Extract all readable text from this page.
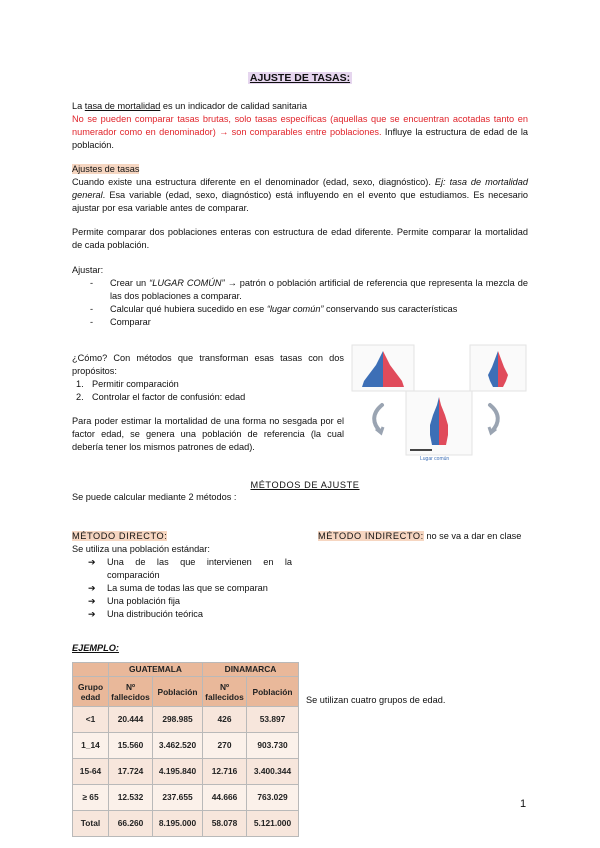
AJUSTE DE TASAS:
La tasa de mortalidad es un indicador de calidad sanitaria
No se pueden comparar tasas brutas, solo tasas específicas (aquellas que se encuentran acotadas tanto en numerador como en denominador) → son comparables entre poblaciones. Influye la estructura de edad de la población.
Ajustes de tasas
Cuando existe una estructura diferente en el denominador (edad, sexo, diagnóstico). Ej: tasa de mortalidad general. Esa variable (edad, sexo, diagnóstico) está influyendo en el evento que estudiamos. Es necesario ajustar por esa variable antes de comparar.
Permite comparar dos poblaciones enteras con estructura de edad diferente. Permite comparar la mortalidad de cada población.
Ajustar:
- Crear un “LUGAR COMÚN” → patrón o población artificial de referencia que representa la mezcla de las dos poblaciones a comparar.
- Calcular qué hubiera sucedido en ese “lugar común” conservando sus características
- Comparar
¿Cómo? Con métodos que transforman esas tasas con dos propósitos:
1. Permitir comparación
2. Controlar el factor de confusión: edad
Para poder estimar la mortalidad de una forma no sesgada por el factor edad, se genera una población de referencia (la cual debería tener los mismos patrones de edad).
Lugar común
MÉTODOS DE AJUSTE
Se puede calcular mediante 2 métodos :
MÉTODO DIRECTO:
Se utiliza una población estándar:
➔ Una de las que intervienen en la comparación
➔ La suma de todas las que se comparan
➔ Una población fija
➔ Una distribución teórica
MÉTODO INDIRECTO: no se va a dar en clase
EJEMPLO:
	GUATEMALA		DINAMARCA	
Grupo edad	Nº fallecidos	Población	Nº fallecidos	Población
<1	20.444	298.985	426	53.897
1_14	15.560	3.462.520	270	903.730
15-64	17.724	4.195.840	12.716	3.400.344
≥ 65	12.532	237.655	44.666	763.029
Total	66.260	8.195.000	58.078	5.121.000
Se utilizan cuatro grupos de edad.
1
